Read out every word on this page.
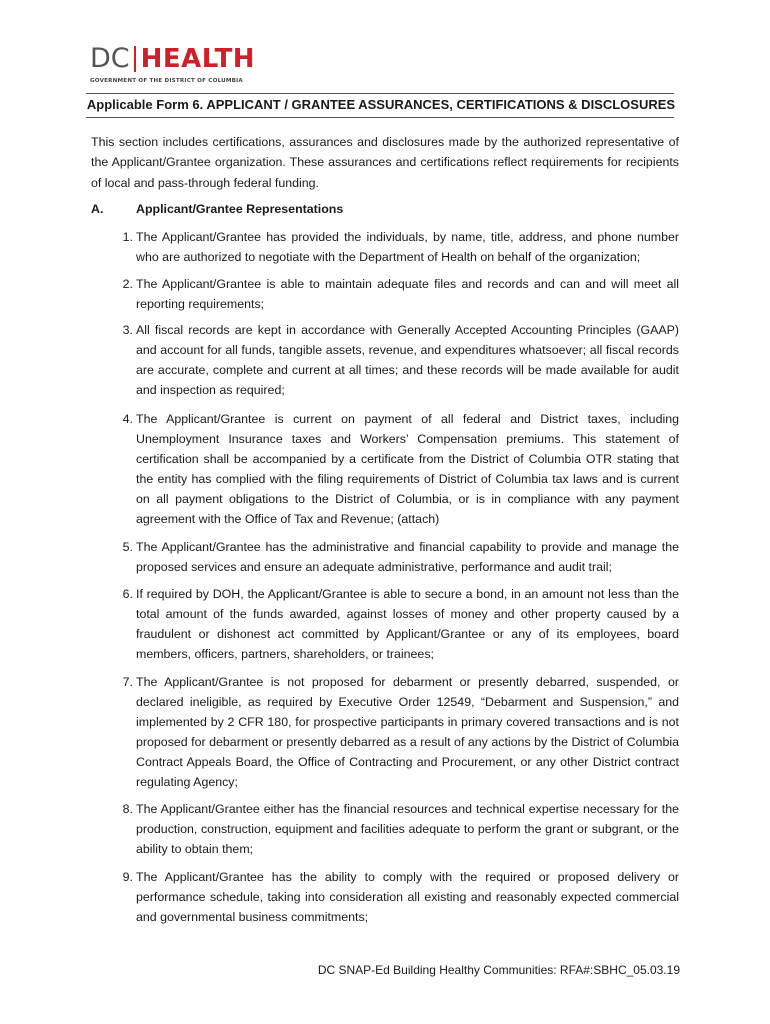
DC HEALTH
GOVERNMENT OF THE DISTRICT OF COLUMBIA
Applicable Form 6. APPLICANT / GRANTEE ASSURANCES, CERTIFICATIONS & DISCLOSURES
This section includes certifications, assurances and disclosures made by the authorized representative of the Applicant/Grantee organization. These assurances and certifications reflect requirements for recipients of local and pass-through federal funding.
A.	Applicant/Grantee Representations
1. The Applicant/Grantee has provided the individuals, by name, title, address, and phone number who are authorized to negotiate with the Department of Health on behalf of the organization;
2. The Applicant/Grantee is able to maintain adequate files and records and can and will meet all reporting requirements;
3. All fiscal records are kept in accordance with Generally Accepted Accounting Principles (GAAP) and account for all funds, tangible assets, revenue, and expenditures whatsoever; all fiscal records are accurate, complete and current at all times; and these records will be made available for audit and inspection as required;
4. The Applicant/Grantee is current on payment of all federal and District taxes, including Unemployment Insurance taxes and Workers’ Compensation premiums. This statement of certification shall be accompanied by a certificate from the District of Columbia OTR stating that the entity has complied with the filing requirements of District of Columbia tax laws and is current on all payment obligations to the District of Columbia, or is in compliance with any payment agreement with the Office of Tax and Revenue; (attach)
5. The Applicant/Grantee has the administrative and financial capability to provide and manage the proposed services and ensure an adequate administrative, performance and audit trail;
6. If required by DOH, the Applicant/Grantee is able to secure a bond, in an amount not less than the total amount of the funds awarded, against losses of money and other property caused by a fraudulent or dishonest act committed by Applicant/Grantee or any of its employees, board members, officers, partners, shareholders, or trainees;
7. The Applicant/Grantee is not proposed for debarment or presently debarred, suspended, or declared ineligible, as required by Executive Order 12549, “Debarment and Suspension,” and implemented by 2 CFR 180, for prospective participants in primary covered transactions and is not proposed for debarment or presently debarred as a result of any actions by the District of Columbia Contract Appeals Board, the Office of Contracting and Procurement, or any other District contract regulating Agency;
8. The Applicant/Grantee either has the financial resources and technical expertise necessary for the production, construction, equipment and facilities adequate to perform the grant or subgrant, or the ability to obtain them;
9. The Applicant/Grantee has the ability to comply with the required or proposed delivery or performance schedule, taking into consideration all existing and reasonably expected commercial and governmental business commitments;
DC SNAP-Ed Building Healthy Communities: RFA#:SBHC_05.03.19
